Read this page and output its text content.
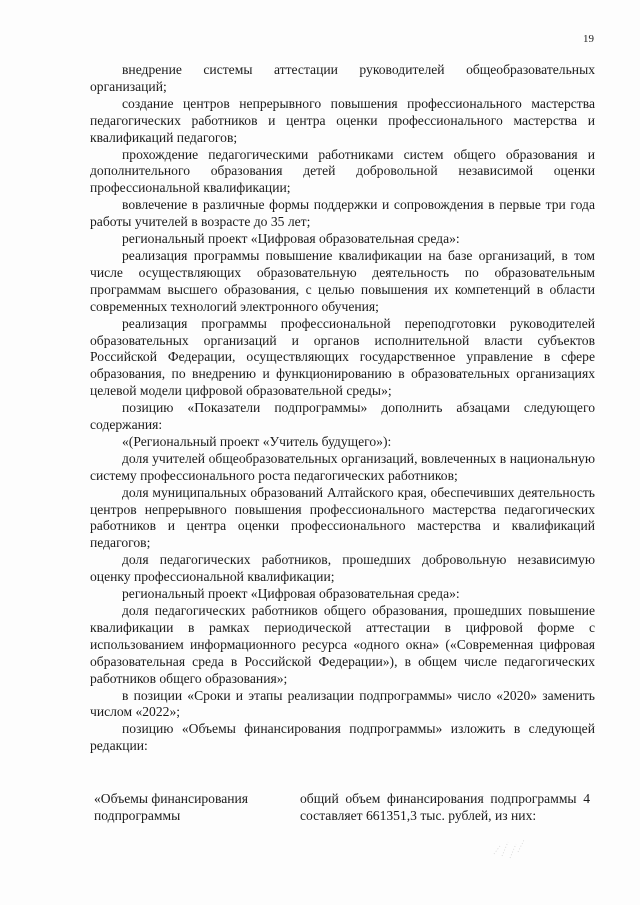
19

внедрение системы аттестации руководителей общеобразовательных организаций;

создание центров непрерывного повышения профессионального мастерства педагогических работников и центра оценки профессионального мастерства и квалификаций педагогов;

прохождение педагогическими работниками систем общего образования и дополнительного образования детей добровольной независимой оценки профессиональной квалификации;

вовлечение в различные формы поддержки и сопровождения в первые три года работы учителей в возрасте до 35 лет;

региональный проект «Цифровая образовательная среда»:

реализация программы повышение квалификации на базе организаций, в том числе осуществляющих образовательную деятельность по образовательным программам высшего образования, с целью повышения их компетенций в области современных технологий электронного обучения;

реализация программы профессиональной переподготовки руководителей образовательных организаций и органов исполнительной власти субъектов Российской Федерации, осуществляющих государственное управление в сфере образования, по внедрению и функционированию в образовательных организациях целевой модели цифровой образовательной среды»;

позицию «Показатели подпрограммы» дополнить абзацами следующего содержания:

«(Региональный проект «Учитель будущего»):

доля учителей общеобразовательных организаций, вовлеченных в национальную систему профессионального роста педагогических работников;

доля муниципальных образований Алтайского края, обеспечивших деятельность центров непрерывного повышения профессионального мастерства педагогических работников и центра оценки профессионального мастерства и квалификаций педагогов;

доля педагогических работников, прошедших добровольную независимую оценку профессиональной квалификации;

региональный проект «Цифровая образовательная среда»:

доля педагогических работников общего образования, прошедших повышение квалификации в рамках периодической аттестации в цифровой форме с использованием информационного ресурса «одного окна» («Современная цифровая образовательная среда в Российской Федерации»), в общем числе педагогических работников общего образования»;

в позиции «Сроки и этапы реализации подпрограммы» число «2020» заменить числом «2022»;

позицию «Объемы финансирования подпрограммы» изложить в следующей редакции:

«Объемы финансирования подпрограммы
общий объем финансирования подпрограммы 4 составляет 661351,3 тыс. рублей, из них:
